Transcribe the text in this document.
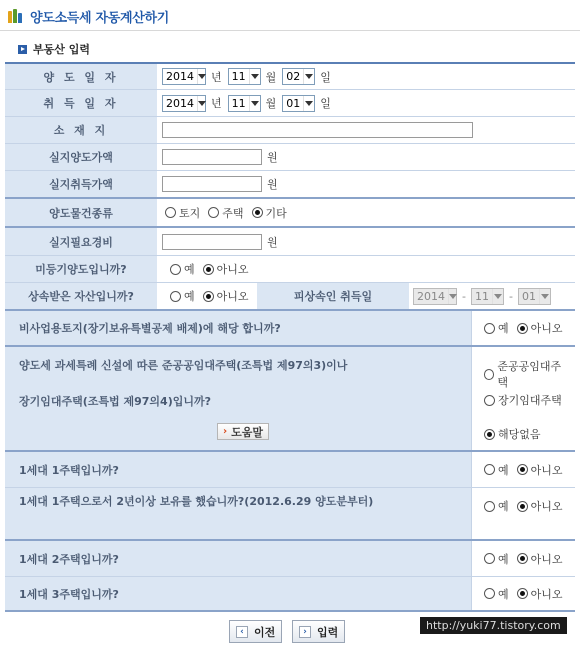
양도소득세 자동계산하기
부동산 입력
양 도 일 자	2014 년 11 월 02 일
취 득 일 자	2014 년 11 월 01 일
소 재 지
실지양도가액	원
실지취득가액	원
양도물건종류	토지 주택 기타
실지필요경비	원
미등기양도입니까?	예 아니오
상속받은 자산입니까?	예 아니오	피상속인 취득일	2014 - 11 - 01
비사업용토지(장기보유특별공제 배제)에 해당 합니까?	예 아니오
양도세 과세특례 신설에 따른 준공공임대주택(조특법 제97의3)이나
장기임대주택(조특법 제97의4)입니까?
› 도움말
준공공임대주택
장기임대주택
해당없음
1세대 1주택입니까?	예 아니오
1세대 1주택으로서 2년이상 보유를 했습니까?(2012.6.29 양도분부터)	예 아니오
1세대 2주택입니까?	예 아니오
1세대 3주택입니까?	예 아니오
‹ 이전	› 입력	http://yuki77.tistory.com
